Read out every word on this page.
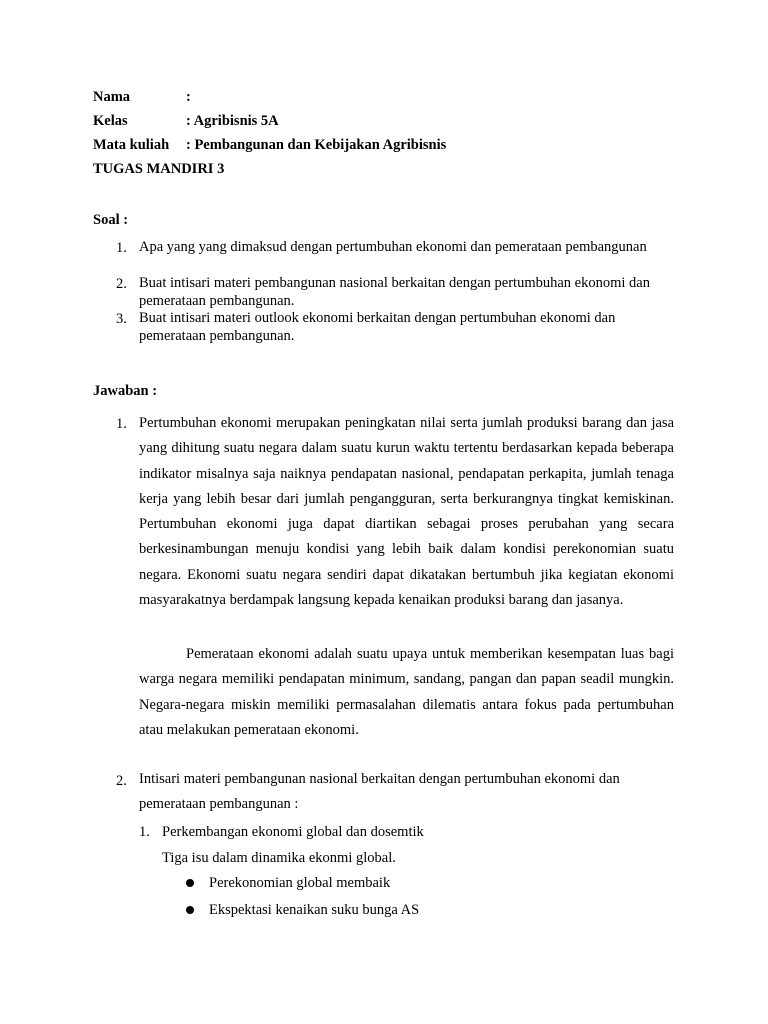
Nama	:
Kelas	: Agribisnis 5A
Mata kuliah : Pembangunan dan Kebijakan Agribisnis
TUGAS MANDIRI 3
Soal :
1. Apa yang yang dimaksud dengan pertumbuhan ekonomi dan pemerataan pembangunan

2. Buat intisari materi pembangunan nasional berkaitan dengan pertumbuhan ekonomi dan pemerataan pembangunan.

3. Buat intisari materi outlook ekonomi berkaitan dengan pertumbuhan ekonomi dan pemerataan pembangunan.

Jawaban :
1. Pertumbuhan ekonomi merupakan peningkatan nilai serta jumlah produksi barang dan jasa yang dihitung suatu negara dalam suatu kurun waktu tertentu berdasarkan kepada beberapa indikator misalnya saja naiknya pendapatan nasional, pendapatan perkapita, jumlah tenaga kerja yang lebih besar dari jumlah pengangguran, serta berkurangnya tingkat kemiskinan. Pertumbuhan ekonomi juga dapat diartikan sebagai proses perubahan yang secara berkesinambungan menuju kondisi yang lebih baik dalam kondisi perekonomian suatu negara. Ekonomi suatu negara sendiri dapat dikatakan bertumbuh jika kegiatan ekonomi masyarakatnya berdampak langsung kepada kenaikan produksi barang dan jasanya.

Pemerataan ekonomi adalah suatu upaya untuk memberikan kesempatan luas bagi warga negara memiliki pendapatan minimum, sandang, pangan dan papan seadil mungkin. Negara-negara miskin memiliki permasalahan dilematis antara fokus pada pertumbuhan atau melakukan pemerataan ekonomi.

2. Intisari materi pembangunan nasional berkaitan dengan pertumbuhan ekonomi dan pemerataan pembangunan :

1. Perkembangan ekonomi global dan dosemtik
Tiga isu dalam dinamika ekonmi global.
Perekonomian global membaik
Ekspektasi kenaikan suku bunga AS
